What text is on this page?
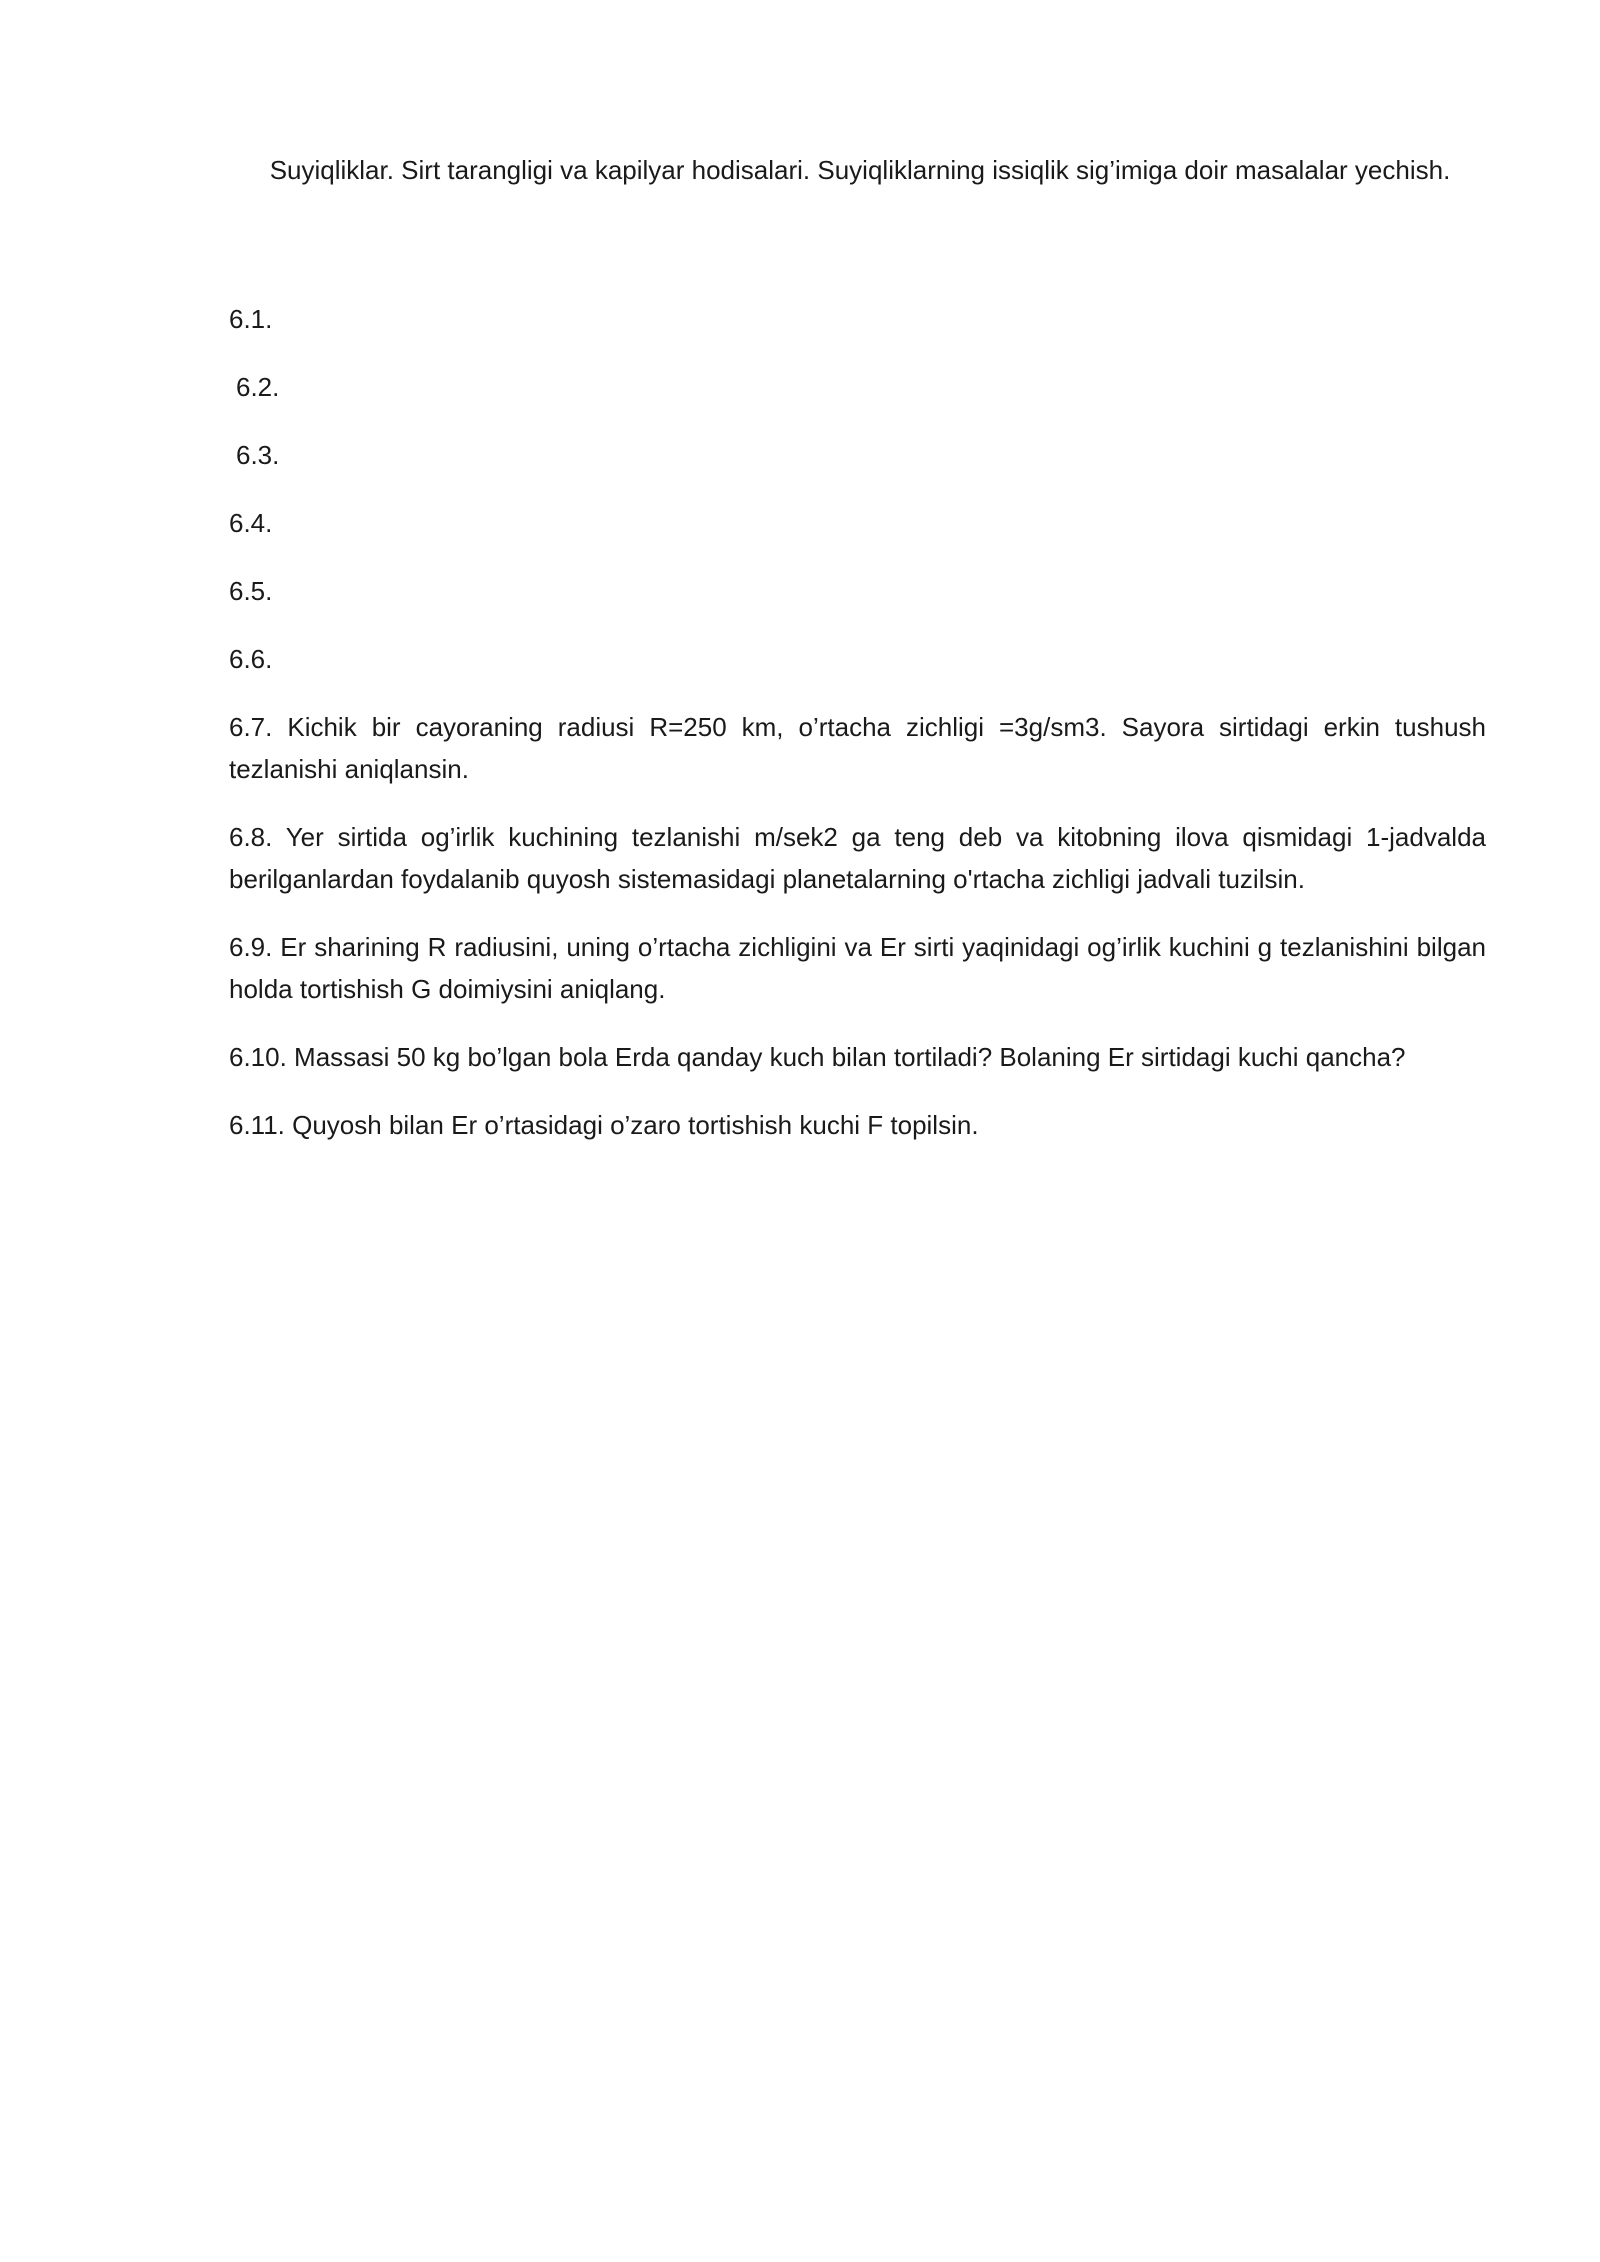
Suyiqliklar. Sirt tarangligi va kapilyar hodisalari. Suyiqliklarning issiqlik sig’imiga doir masalalar yechish.
6.1.
6.2.
6.3.
6.4.
6.5.
6.6.
6.7. Kichik bir cayoraning radiusi R=250 km, o’rtacha zichligi =3g/sm3. Sayora sirtidagi erkin tushush tezlanishi aniqlansin.
6.8. Yer sirtida og’irlik kuchining tezlanishi m/sek2 ga teng deb va kitobning ilova qismidagi 1-jadvalda berilganlardan foydalanib quyosh sistemasidagi planetalarning o'rtacha zichligi jadvali tuzilsin.
6.9. Er sharining R radiusini, uning o’rtacha zichligini va Er sirti yaqinidagi og’irlik kuchini g tezlanishini bilgan holda tortishish G doimiysini aniqlang.
6.10. Massasi 50 kg bo’lgan bola Erda qanday kuch bilan tortiladi? Bolaning Er sirtidagi kuchi qancha?
6.11. Quyosh bilan Er o’rtasidagi o’zaro tortishish kuchi F topilsin.
